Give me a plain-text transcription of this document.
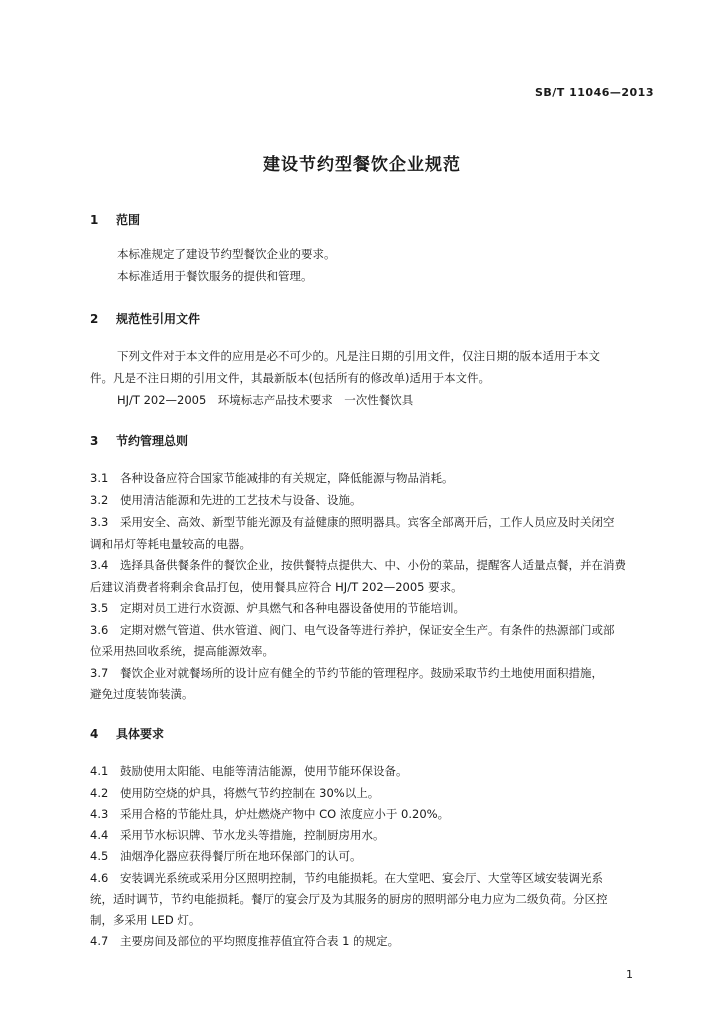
SB/T 11046—2013
建设节约型餐饮企业规范
1 范围
本标准规定了建设节约型餐饮企业的要求。
本标准适用于餐饮服务的提供和管理。
2 规范性引用文件
下列文件对于本文件的应用是必不可少的。凡是注日期的引用文件，仅注日期的版本适用于本文
件。凡是不注日期的引用文件，其最新版本(包括所有的修改单)适用于本文件。
HJ/T 202—2005　环境标志产品技术要求　一次性餐饮具
3 节约管理总则
3.1 各种设备应符合国家节能减排的有关规定，降低能源与物品消耗。
3.2 使用清洁能源和先进的工艺技术与设备、设施。
3.3 采用安全、高效、新型节能光源及有益健康的照明器具。宾客全部离开后，工作人员应及时关闭空
调和吊灯等耗电量较高的电器。
3.4 选择具备供餐条件的餐饮企业，按供餐特点提供大、中、小份的菜品，提醒客人适量点餐，并在消费
后建议消费者将剩余食品打包，使用餐具应符合 HJ/T 202—2005 要求。
3.5 定期对员工进行水资源、炉具燃气和各种电器设备使用的节能培训。
3.6 定期对燃气管道、供水管道、阀门、电气设备等进行养护，保证安全生产。有条件的热源部门或部
位采用热回收系统，提高能源效率。
3.7 餐饮企业对就餐场所的设计应有健全的节约节能的管理程序。鼓励采取节约土地使用面积措施，
避免过度装饰装潢。
4 具体要求
4.1 鼓励使用太阳能、电能等清洁能源，使用节能环保设备。
4.2 使用防空烧的炉具，将燃气节约控制在 30%以上。
4.3 采用合格的节能灶具，炉灶燃烧产物中 CO 浓度应小于 0.20%。
4.4 采用节水标识牌、节水龙头等措施，控制厨房用水。
4.5 油烟净化器应获得餐厅所在地环保部门的认可。
4.6 安装调光系统或采用分区照明控制，节约电能损耗。在大堂吧、宴会厅、大堂等区域安装调光系
统，适时调节，节约电能损耗。餐厅的宴会厅及为其服务的厨房的照明部分电力应为二级负荷。分区控
制，多采用 LED 灯。
4.7 主要房间及部位的平均照度推荐值宜符合表 1 的规定。
1
